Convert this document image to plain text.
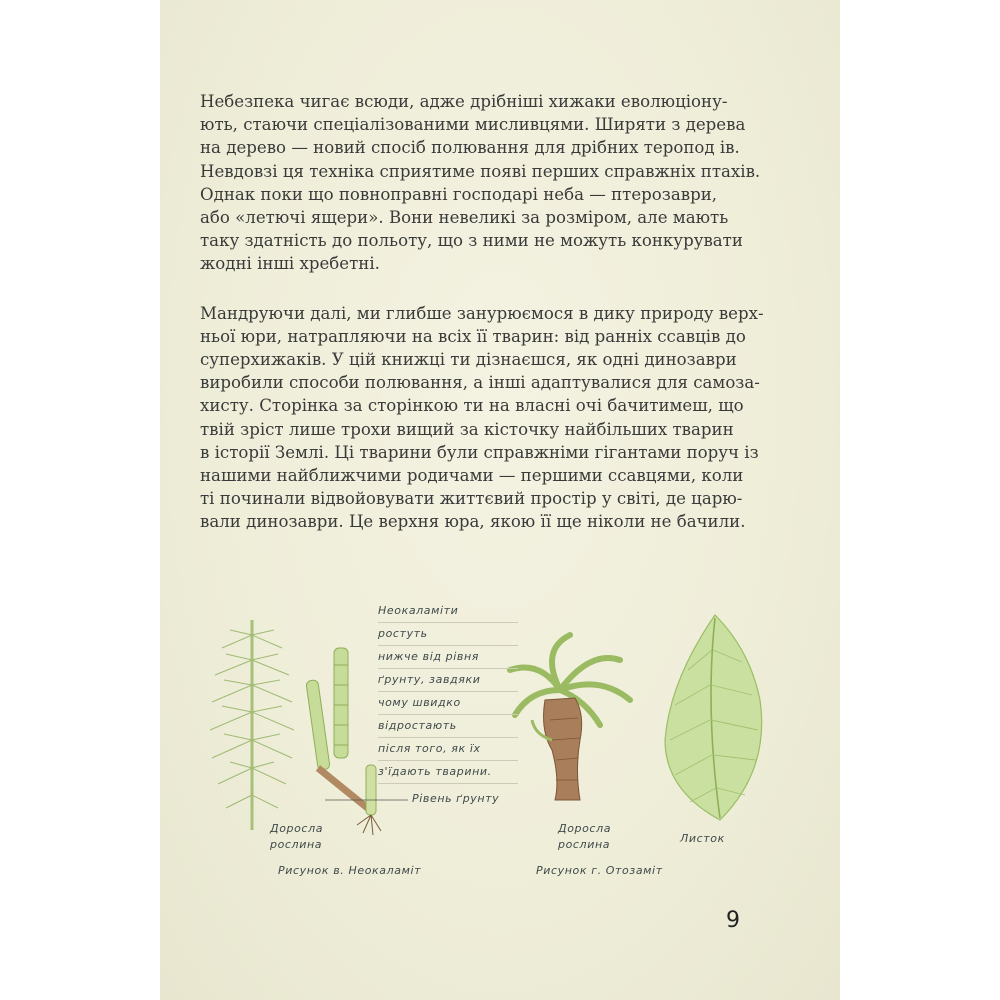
Небезпека чигає всюди, адже дрібніші хижаки еволюціону-
ють, стаючи спеціалізованими мисливцями. Ширяти з дерева
на дерево — новий спосіб полювання для дрібних теропод ів.
Невдовзі ця техніка сприятиме появі перших справжніх птахів.
Однак поки що повноправні господарі неба — птерозаври,
або «летючі ящери». Вони невеликі за розміром, але мають
таку здатність до польоту, що з ними не можуть конкурувати
жодні інші хребетні.

Мандруючи далі, ми глибше занурюємося в дику природу верх-
ньої юри, натрапляючи на всіх її тварин: від ранніх ссавців до
суперхижаків. У цій книжці ти дізнаєшся, як одні динозаври
виробили способи полювання, а інші адаптувалися для самоза-
хисту. Сторінка за сторінкою ти на власні очі бачитимеш, що
твій зріст лише трохи вищий за кісточку найбільших тварин
в історії Землі. Ці тварини були справжніми гігантами поруч із
нашими найближчими родичами — першими ссавцями, коли
ті починали відвойовувати життєвий простір у світі, де царю-
вали динозаври. Це верхня юра, якою її ще ніколи не бачили.

Неокаламіти
ростуть
нижче від рівня
ґрунту, завдяки
чому швидко
відростають
після того, як їх
з'їдають тварини.
Рівень ґрунту
Доросла
рослина
Доросла
рослина	Листок
Рисунок в. Неокаламіт	Рисунок г. Отозаміт
9
